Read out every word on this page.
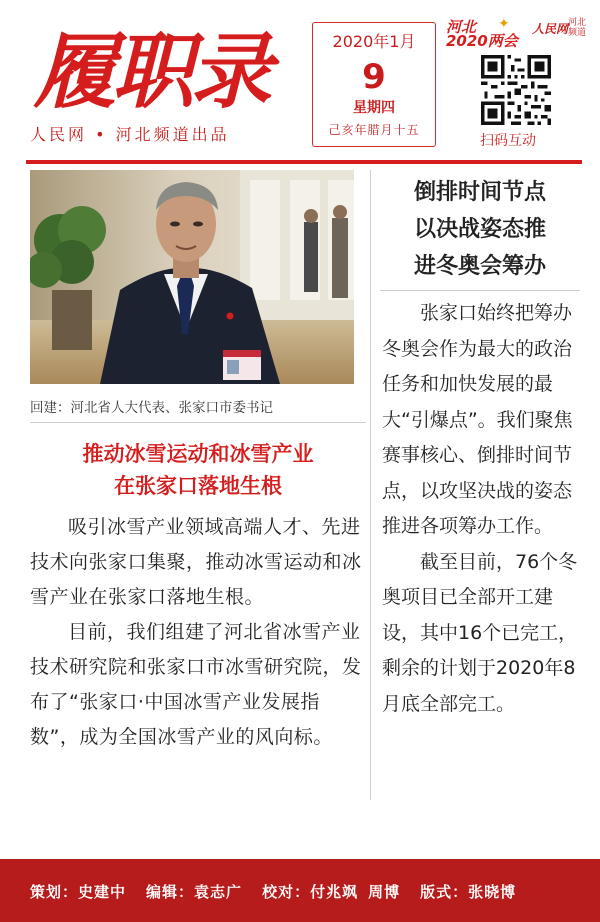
履职录
人民网 • 河北频道出品
2020年1月
9
星期四
己亥年腊月十五
河北 ✦
2020两会
人民网 河北频道
扫码互动
回建：河北省人大代表、张家口市委书记
推动冰雪运动和冰雪产业
在张家口落地生根

吸引冰雪产业领域高端人才、先进技术向张家口集聚，推动冰雪运动和冰雪产业在张家口落地生根。

目前，我们组建了河北省冰雪产业技术研究院和张家口市冰雪研究院，发布了“张家口·中国冰雪产业发展指数”，成为全国冰雪产业的风向标。

倒排时间节点
以决战姿态推
进冬奥会筹办

张家口始终把筹办冬奥会作为最大的政治任务和加快发展的最大“引爆点”。我们聚焦赛事核心、倒排时间节点，以攻坚决战的姿态推进各项筹办工作。

截至目前，76个冬奥项目已全部开工建设，其中16个已完工，剩余的计划于2020年8月底全部完工。

策划：史建中 编辑：袁志广 校对：付兆飒 周博 版式：张晓博
